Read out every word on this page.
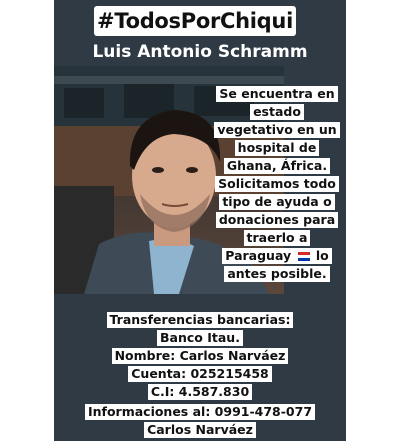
#TodosPorChiqui
Luis Antonio Schramm
Se encuentra en
estado
vegetativo en un
hospital de
Ghana, África.
Solicitamos todo
tipo de ayuda o
donaciones para
traerlo a
Paraguay lo
antes posible.
Transferencias bancarias:
Banco Itau.
Nombre: Carlos Narváez
Cuenta: 025215458
C.I: 4.587.830
Informaciones al: 0991-478-077
Carlos Narváez
